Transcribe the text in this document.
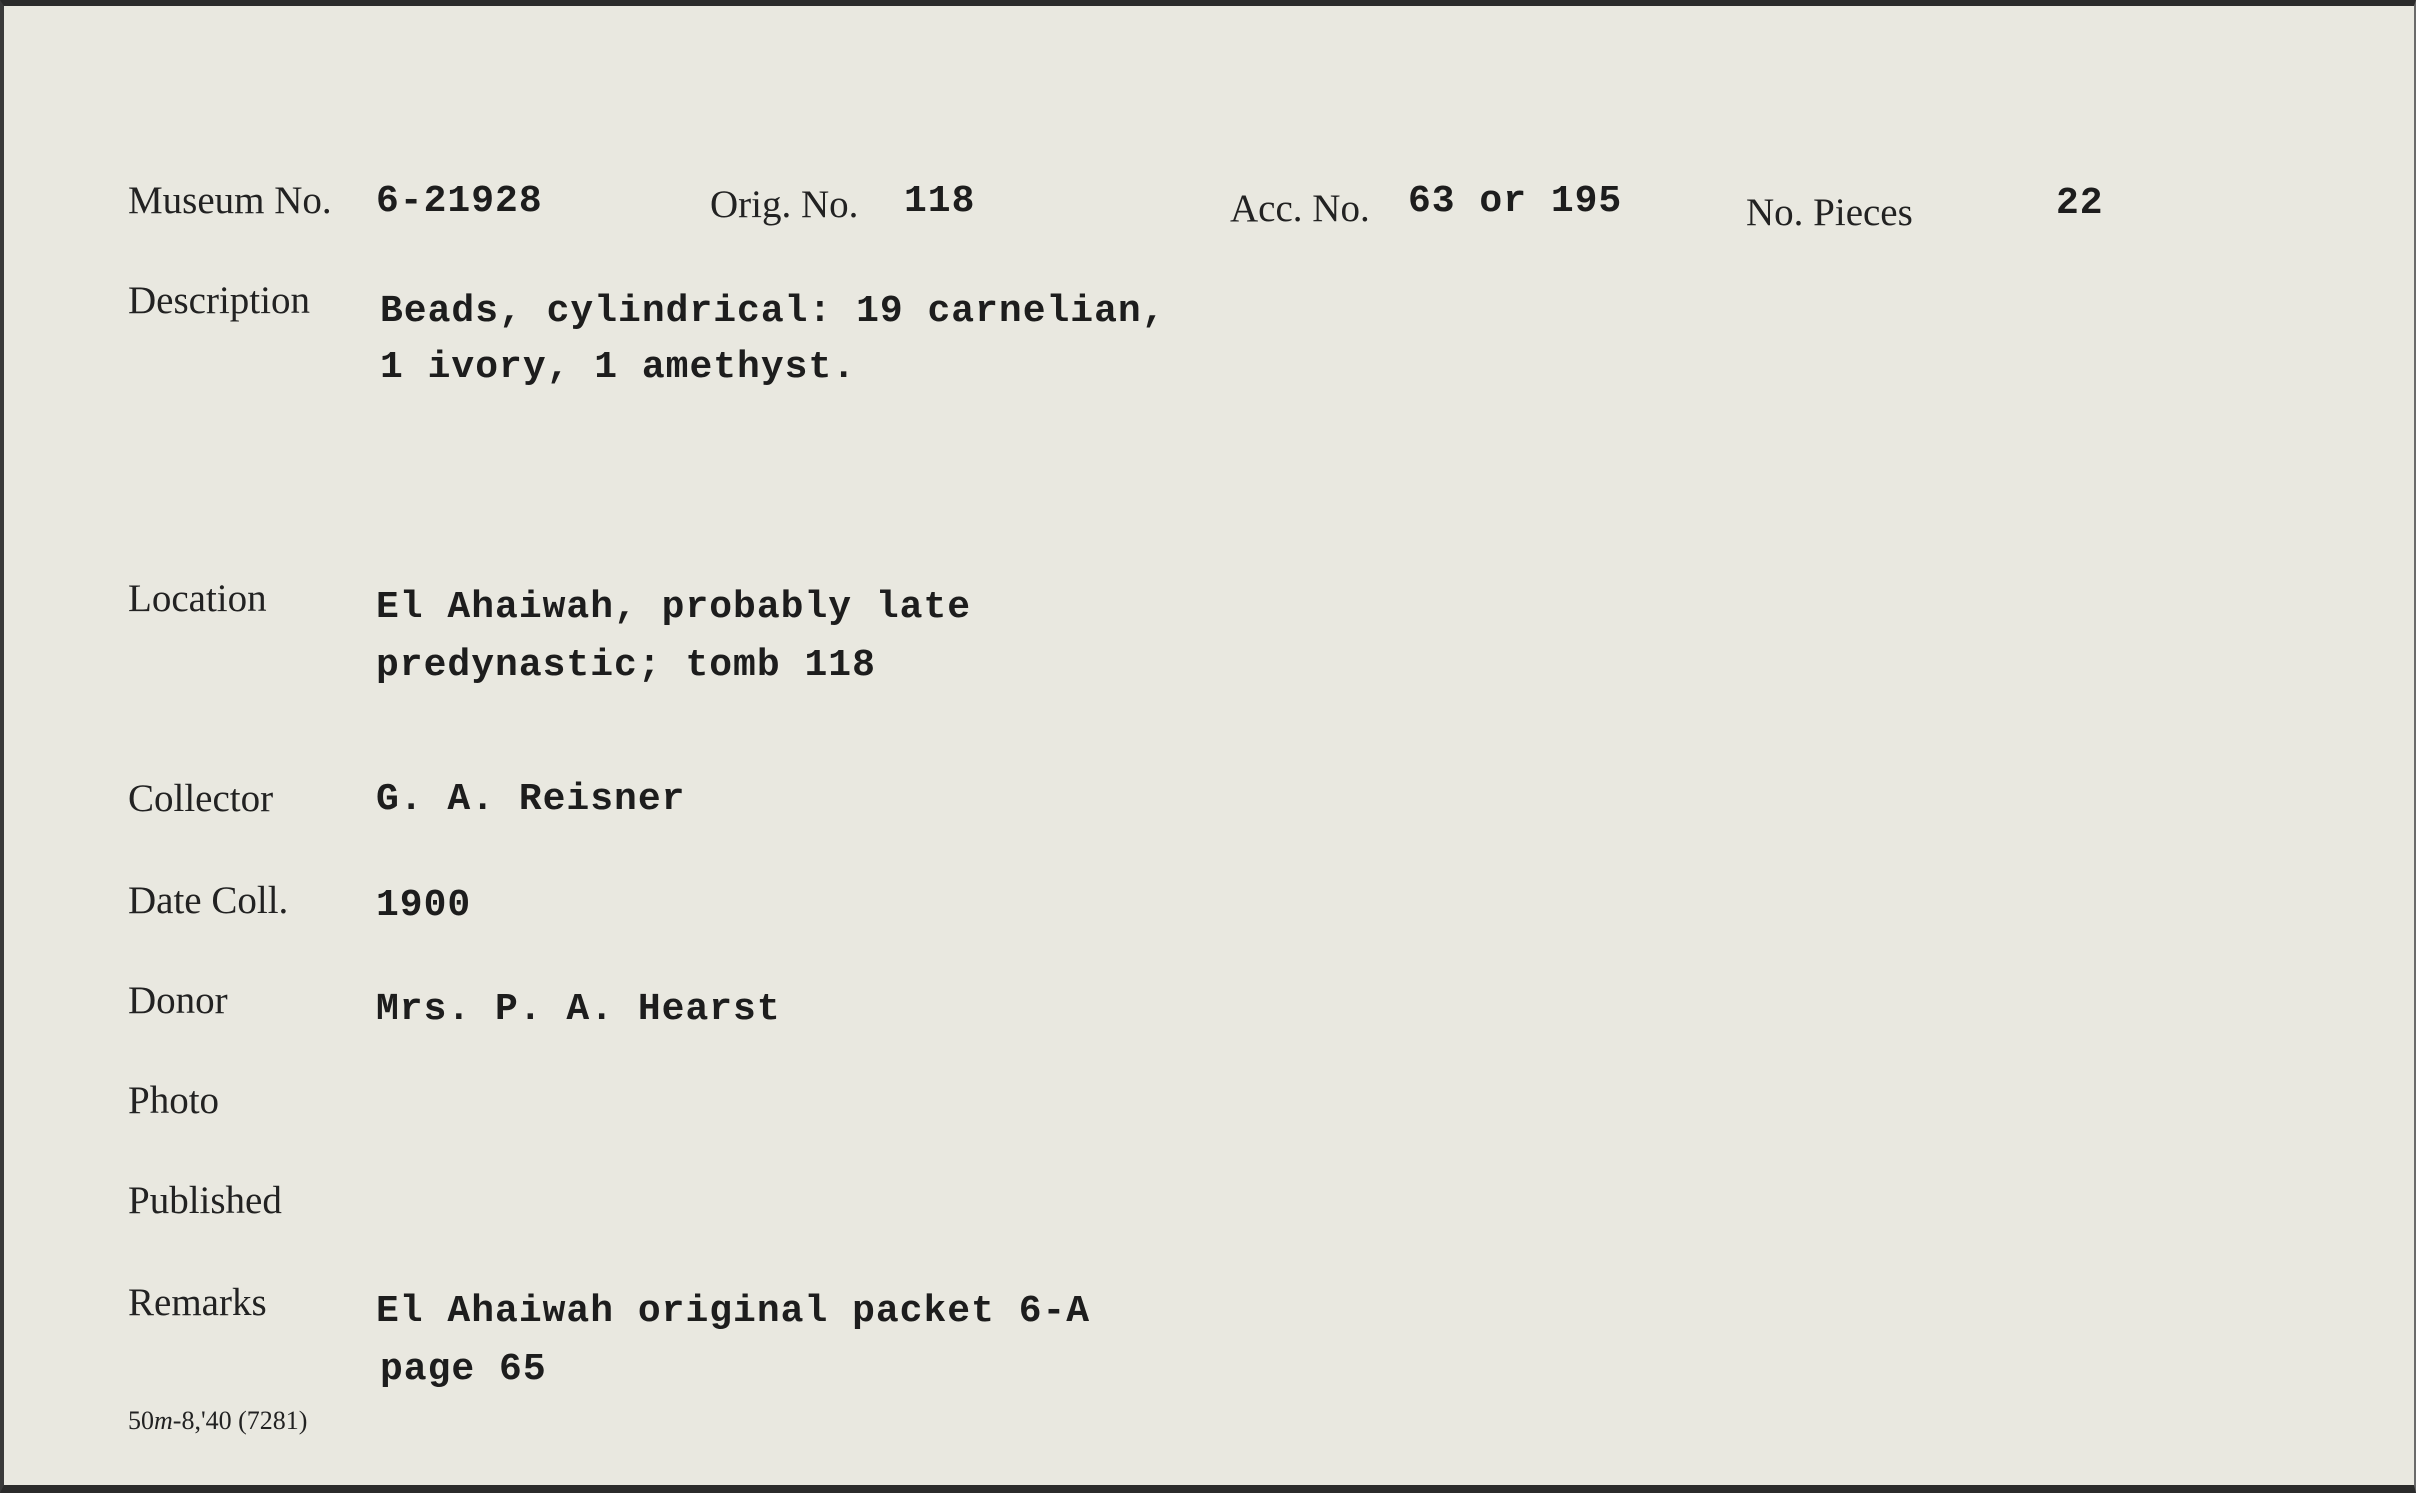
Museum No. 6-21928	Orig. No. 118	Acc. No. 63 or 195	No. Pieces	22
Description Beads, cylindrical: 19 carnelian,
1 ivory, 1 amethyst.
Location	El Ahaiwah, probably late
predynastic; tomb 118
Collector	G. A. Reisner
Date Coll. 1900
Donor	Mrs. P. A. Hearst
Photo
Published
Remarks	El Ahaiwah original packet 6-A
page 65
50m-8,'40 (7281)
